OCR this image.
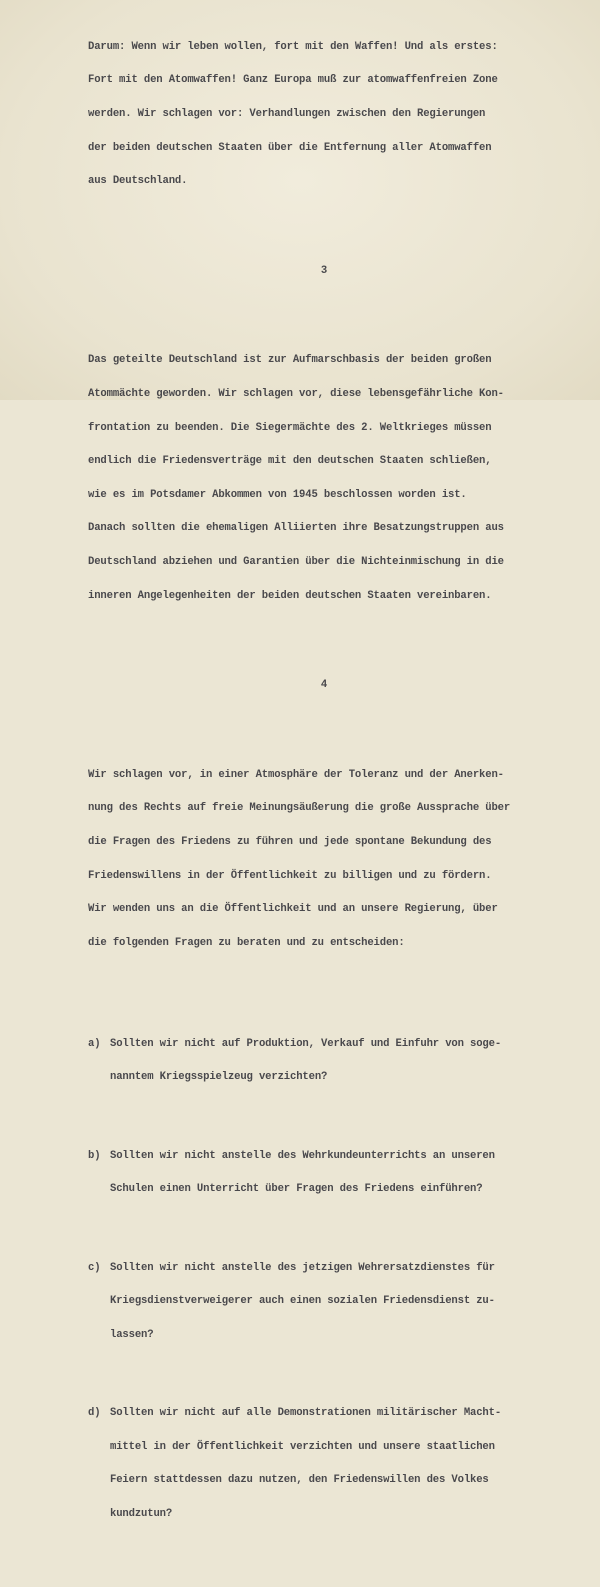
Darum: Wenn wir leben wollen, fort mit den Waffen! Und als erstes:

Fort mit den Atomwaffen! Ganz Europa muß zur atomwaffenfreien Zone

werden. Wir schlagen vor: Verhandlungen zwischen den Regierungen

der beiden deutschen Staaten über die Entfernung aller Atomwaffen

aus Deutschland.

3

Das geteilte Deutschland ist zur Aufmarschbasis der beiden großen

Atommächte geworden. Wir schlagen vor, diese lebensgefährliche Kon-

frontation zu beenden. Die Siegermächte des 2. Weltkrieges müssen

endlich die Friedensverträge mit den deutschen Staaten schließen,

wie es im Potsdamer Abkommen von 1945 beschlossen worden ist.

Danach sollten die ehemaligen Alliierten ihre Besatzungstruppen aus

Deutschland abziehen und Garantien über die Nichteinmischung in die

inneren Angelegenheiten der beiden deutschen Staaten vereinbaren.

4

Wir schlagen vor, in einer Atmosphäre der Toleranz und der Anerken-

nung des Rechts auf freie Meinungsäußerung die große Aussprache über

die Fragen des Friedens zu führen und jede spontane Bekundung des

Friedenswillens in der Öffentlichkeit zu billigen und zu fördern.

Wir wenden uns an die Öffentlichkeit und an unsere Regierung, über

die folgenden Fragen zu beraten und zu entscheiden:

a) Sollten wir nicht auf Produktion, Verkauf und Einfuhr von soge-

nanntem Kriegsspielzeug verzichten?

b) Sollten wir nicht anstelle des Wehrkundeunterrichts an unseren

Schulen einen Unterricht über Fragen des Friedens einführen?

c) Sollten wir nicht anstelle des jetzigen Wehrersatzdienstes für

Kriegsdienstverweigerer auch einen sozialen Friedensdienst zu-

lassen?

d) Sollten wir nicht auf alle Demonstrationen militärischer Macht-

mittel in der Öffentlichkeit verzichten und unsere staatlichen

Feiern stattdessen dazu nutzen, den Friedenswillen des Volkes

kundzutun?
